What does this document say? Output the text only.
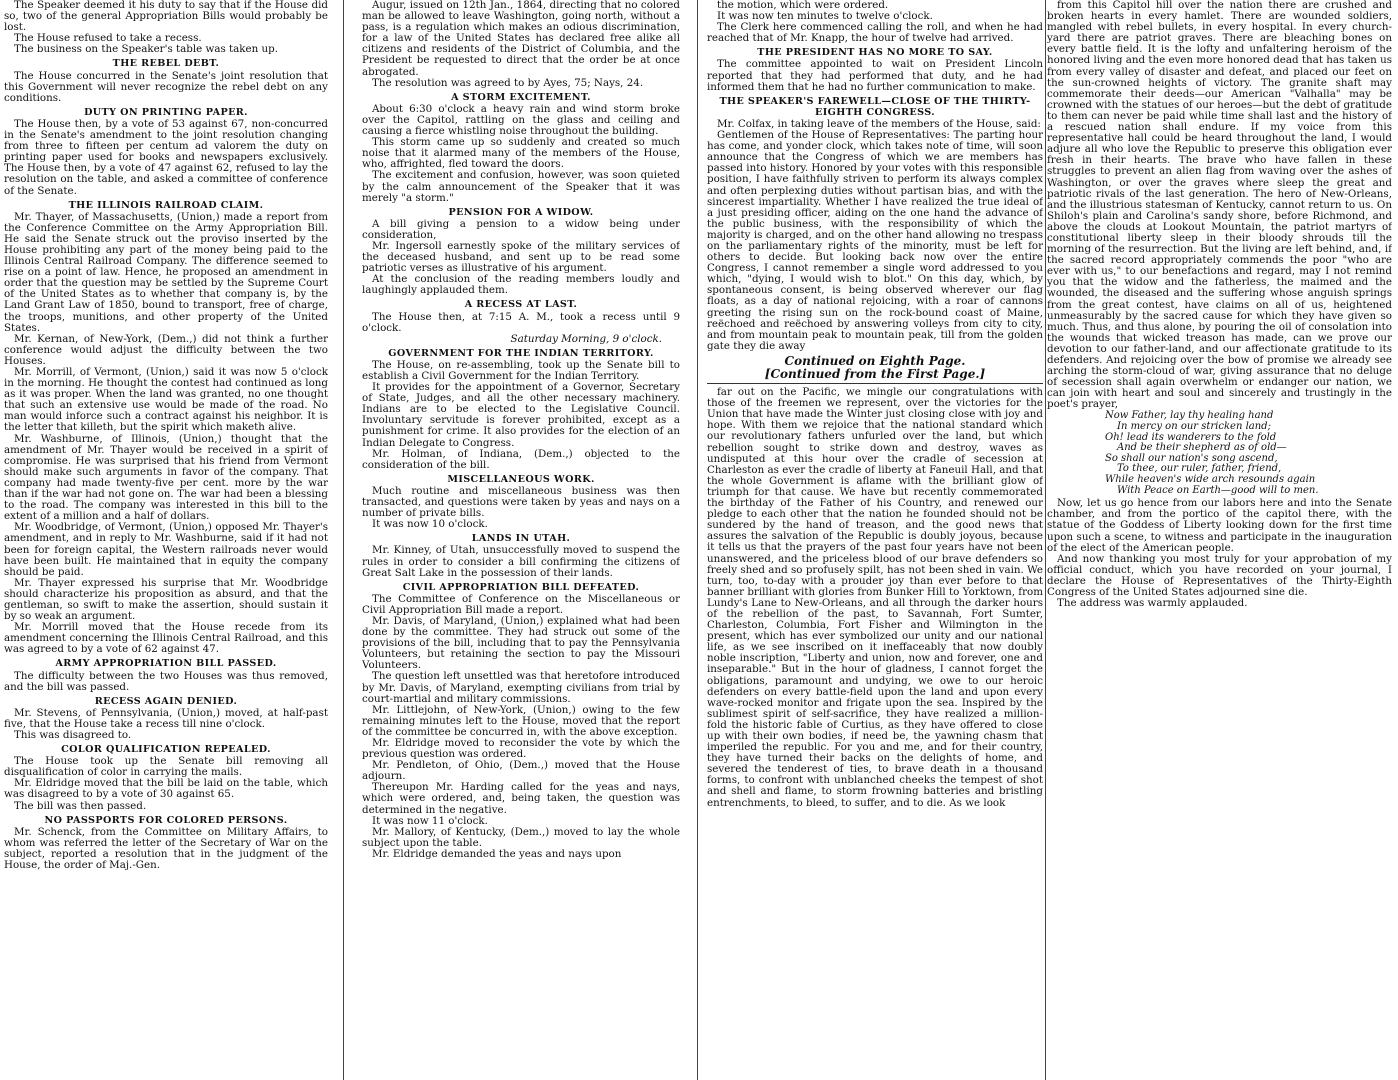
The Speaker deemed it his duty to say that if the House did so, two of the general Appropriation Bills would probably be lost.

The House refused to take a recess.

The business on the Speaker's table was taken up.

THE REBEL DEBT.

The House concurred in the Senate's joint resolution that this Government will never recognize the rebel debt on any conditions.

DUTY ON PRINTING PAPER.

The House then, by a vote of 53 against 67, non-concurred in the Senate's amendment to the joint resolution changing from three to fifteen per centum ad valorem the duty on printing paper used for books and newspapers exclusively. The House then, by a vote of 47 against 62, refused to lay the resolution on the table, and asked a committee of conference of the Senate.

THE ILLINOIS RAILROAD CLAIM.

Mr. Thayer, of Massachusetts, (Union,) made a report from the Conference Committee on the Army Appropriation Bill. He said the Senate struck out the proviso inserted by the House prohibiting any part of the money being paid to the Illinois Central Railroad Company. The difference seemed to rise on a point of law. Hence, he proposed an amendment in order that the question may be settled by the Supreme Court of the United States as to whether that company is, by the Land Grant Law of 1850, bound to transport, free of charge, the troops, munitions, and other property of the United States.

Mr. Kernan, of New-York, (Dem.,) did not think a further conference would adjust the difficulty between the two Houses.

Mr. Morrill, of Vermont, (Union,) said it was now 5 o'clock in the morning. He thought the contest had continued as long as it was proper. When the land was granted, no one thought that such an extensive use would be made of the road. No man would inforce such a contract against his neighbor. It is the letter that killeth, but the spirit which maketh alive.

Mr. Washburne, of Illinois, (Union,) thought that the amendment of Mr. Thayer would be received in a spirit of compromise. He was surprised that his friend from Vermont should make such arguments in favor of the company. That company had made twenty-five per cent. more by the war than if the war had not gone on. The war had been a blessing to the road. The company was interested in this bill to the extent of a million and a half of dollars.

Mr. Woodbridge, of Vermont, (Union,) opposed Mr. Thayer's amendment, and in reply to Mr. Washburne, said if it had not been for foreign capital, the Western railroads never would have been built. He maintained that in equity the company should be paid.

Mr. Thayer expressed his surprise that Mr. Woodbridge should characterize his proposition as absurd, and that the gentleman, so swift to make the assertion, should sustain it by so weak an argument.

Mr. Morrill moved that the House recede from its amendment concerning the Illinois Central Railroad, and this was agreed to by a vote of 62 against 47.

ARMY APPROPRIATION BILL PASSED.

The difficulty between the two Houses was thus removed, and the bill was passed.

RECESS AGAIN DENIED.

Mr. Stevens, of Pennsylvania, (Union,) moved, at half-past five, that the House take a recess till nine o'clock.

This was disagreed to.

COLOR QUALIFICATION REPEALED.

The House took up the Senate bill removing all disqualification of color in carrying the mails.

Mr. Eldridge moved that the bill be laid on the table, which was disagreed to by a vote of 30 against 65.

The bill was then passed.

NO PASSPORTS FOR COLORED PERSONS.

Mr. Schenck, from the Committee on Military Affairs, to whom was referred the letter of the Secretary of War on the subject, reported a resolution that in the judgment of the House, the order of Maj.-Gen.

Augur, issued on 12th Jan., 1864, directing that no colored man be allowed to leave Washington, going north, without a pass, is a regulation which makes an odious discrimination, for a law of the United States has declared free alike all citizens and residents of the District of Columbia, and the President be requested to direct that the order be at once abrogated.

The resolution was agreed to by Ayes, 75; Nays, 24.

A STORM EXCITEMENT.

About 6:30 o'clock a heavy rain and wind storm broke over the Capitol, rattling on the glass and ceiling and causing a fierce whistling noise throughout the building.

This storm came up so suddenly and created so much noise that it alarmed many of the members of the House, who, affrighted, fled toward the doors.

The excitement and confusion, however, was soon quieted by the calm announcement of the Speaker that it was merely "a storm."

PENSION FOR A WIDOW.

A bill giving a pension to a widow being under consideration,

Mr. Ingersoll earnestly spoke of the military services of the deceased husband, and sent up to be read some patriotic verses as illustrative of his argument.

At the conclusion of the reading members loudly and laughingly applauded them.

A RECESS AT LAST.

The House then, at 7:15 A. M., took a recess until 9 o'clock.

Saturday Morning, 9 o'clock.
GOVERNMENT FOR THE INDIAN TERRITORY.

The House, on re-assembling, took up the Senate bill to establish a Civil Government for the Indian Territory.

It provides for the appointment of a Governor, Secretary of State, Judges, and all the other necessary machinery. Indians are to be elected to the Legislative Council. Involuntary servitude is forever prohibited, except as a punishment for crime. It also provides for the election of an Indian Delegate to Congress.

Mr. Holman, of Indiana, (Dem.,) objected to the consideration of the bill.

MISCELLANEOUS WORK.

Much routine and miscellaneous business was then transacted, and questions were taken by yeas and nays on a number of private bills.

It was now 10 o'clock.

LANDS IN UTAH.

Mr. Kinney, of Utah, unsuccessfully moved to suspend the rules in order to consider a bill confirming the citizens of Great Salt Lake in the possession of their lands.

CIVIL APPROPRIATION BILL DEFEATED.

The Committee of Conference on the Miscellaneous or Civil Appropriation Bill made a report.

Mr. Davis, of Maryland, (Union,) explained what had been done by the committee. They had struck out some of the provisions of the bill, including that to pay the Pennsylvania Volunteers, but retaining the section to pay the Missouri Volunteers.

The question left unsettled was that heretofore introduced by Mr. Davis, of Maryland, exempting civilians from trial by court-martial and military commissions.

Mr. Littlejohn, of New-York, (Union,) owing to the few remaining minutes left to the House, moved that the report of the committee be concurred in, with the above exception.

Mr. Eldridge moved to reconsider the vote by which the previous question was ordered.

Mr. Pendleton, of Ohio, (Dem.,) moved that the House adjourn.

Thereupon Mr. Harding called for the yeas and nays, which were ordered, and, being taken, the question was determined in the negative.

It was now 11 o'clock.

Mr. Mallory, of Kentucky, (Dem.,) moved to lay the whole subject upon the table.

Mr. Eldridge demanded the yeas and nays upon

the motion, which were ordered.

It was now ten minutes to twelve o'clock.

The Clerk here commenced calling the roll, and when he had reached that of Mr. Knapp, the hour of twelve had arrived.

THE PRESIDENT HAS NO MORE TO SAY.

The committee appointed to wait on President Lincoln reported that they had performed that duty, and he had informed them that he had no further communication to make.

THE SPEAKER'S FAREWELL—CLOSE OF THE THIRTY-EIGHTH CONGRESS.

Mr. Colfax, in taking leave of the members of the House, said:

Gentlemen of the House of Representatives: The parting hour has come, and yonder clock, which takes note of time, will soon announce that the Congress of which we are members has passed into history. Honored by your votes with this responsible position, I have faithfully striven to perform its always complex and often perplexing duties without partisan bias, and with the sincerest impartiality. Whether I have realized the true ideal of a just presiding officer, aiding on the one hand the advance of the public business, with the responsibility of which the majority is charged, and on the other hand allowing no trespass on the parliamentary rights of the minority, must be left for others to decide. But looking back now over the entire Congress, I cannot remember a single word addressed to you which, "dying, I would wish to blot." On this day, which, by spontaneous consent, is being observed wherever our flag floats, as a day of national rejoicing, with a roar of cannons greeting the rising sun on the rock-bound coast of Maine, reëchoed and reëchoed by answering volleys from city to city, and from mountain peak to mountain peak, till from the golden gate they die away

Continued on Eighth Page.
[Continued from the First Page.]

far out on the Pacific, we mingle our congratulations with those of the freemen we represent, over the victories for the Union that have made the Winter just closing close with joy and hope. With them we rejoice that the national standard which our revolutionary fathers unfurled over the land, but which rebellion sought to strike down and destroy, waves as undisputed at this hour over the cradle of secession at Charleston as ever the cradle of liberty at Faneuil Hall, and that the whole Government is aflame with the brilliant glow of triumph for that cause. We have but recently commemorated the birthday of the Father of his Country, and renewed our pledge to each other that the nation he founded should not be sundered by the hand of treason, and the good news that assures the salvation of the Republic is doubly joyous, because it tells us that the prayers of the past four years have not been unanswered, and the priceless blood of our brave defenders so freely shed and so profusely spilt, has not been shed in vain. We turn, too, to-day with a prouder joy than ever before to that banner brilliant with glories from Bunker Hill to Yorktown, from Lundy's Lane to New-Orleans, and all through the darker hours of the rebellion of the past, to Savannah, Fort Sumter, Charleston, Columbia, Fort Fisher and Wilmington in the present, which has ever symbolized our unity and our national life, as we see inscribed on it ineffaceably that now doubly noble inscription, "Liberty and union, now and forever, one and inseparable." But in the hour of gladness, I cannot forget the obligations, paramount and undying, we owe to our heroic defenders on every battle-field upon the land and upon every wave-rocked monitor and frigate upon the sea. Inspired by the sublimest spirit of self-sacrifice, they have realized a million-fold the historic fable of Curtius, as they have offered to close up with their own bodies, if need be, the yawning chasm that imperiled the republic. For you and me, and for their country, they have turned their backs on the delights of home, and severed the tenderest of ties, to brave death in a thousand forms, to confront with unblanched cheeks the tempest of shot and shell and flame, to storm frowning batteries and bristling entrenchments, to bleed, to suffer, and to die. As we look

from this Capitol hill over the nation there are crushed and broken hearts in every hamlet. There are wounded soldiers, mangled with rebel bullets, in every hospital. In every church-yard there are patriot graves. There are bleaching bones on every battle field. It is the lofty and unfaltering heroism of the honored living and the even more honored dead that has taken us from every valley of disaster and defeat, and placed our feet on the sun-crowned heights of victory. The granite shaft may commemorate their deeds—our American "Valhalla" may be crowned with the statues of our heroes—but the debt of gratitude to them can never be paid while time shall last and the history of a rescued nation shall endure. If my voice from this representative hall could be heard throughout the land, I would adjure all who love the Republic to preserve this obligation ever fresh in their hearts. The brave who have fallen in these struggles to prevent an alien flag from waving over the ashes of Washington, or over the graves where sleep the great and patriotic rivals of the last generation. The hero of New-Orleans, and the illustrious statesman of Kentucky, cannot return to us. On Shiloh's plain and Carolina's sandy shore, before Richmond, and above the clouds at Lookout Mountain, the patriot martyrs of constitutional liberty sleep in their bloody shrouds till the morning of the resurrection. But the living are left behind, and, if the sacred record appropriately commends the poor "who are ever with us," to our benefactions and regard, may I not remind you that the widow and the fatherless, the maimed and the wounded, the diseased and the suffering whose anguish springs from the great contest, have claims on all of us, heightened unmeasurably by the sacred cause for which they have given so much. Thus, and thus alone, by pouring the oil of consolation into the wounds that wicked treason has made, can we prove our devotion to our father-land, and our affectionate gratitude to its defenders. And rejoicing over the bow of promise we already see arching the storm-cloud of war, giving assurance that no deluge of secession shall again overwhelm or endanger our nation, we can join with heart and soul and sincerely and trustingly in the poet's prayer,

Now Father, lay thy healing hand
In mercy on our stricken land;
Oh! lead its wanderers to the fold
And be their shepherd as of old—
So shall our nation's song ascend,
To thee, our ruler, father, friend,
While heaven's wide arch resounds again
With Peace on Earth—good will to men.

Now, let us go hence from our labors here and into the Senate chamber, and from the portico of the capitol there, with the statue of the Goddess of Liberty looking down for the first time upon such a scene, to witness and participate in the inauguration of the elect of the American people.

And now thanking you most truly for your approbation of my official conduct, which you have recorded on your journal, I declare the House of Representatives of the Thirty-Eighth Congress of the United States adjourned sine die.

The address was warmly applauded.
